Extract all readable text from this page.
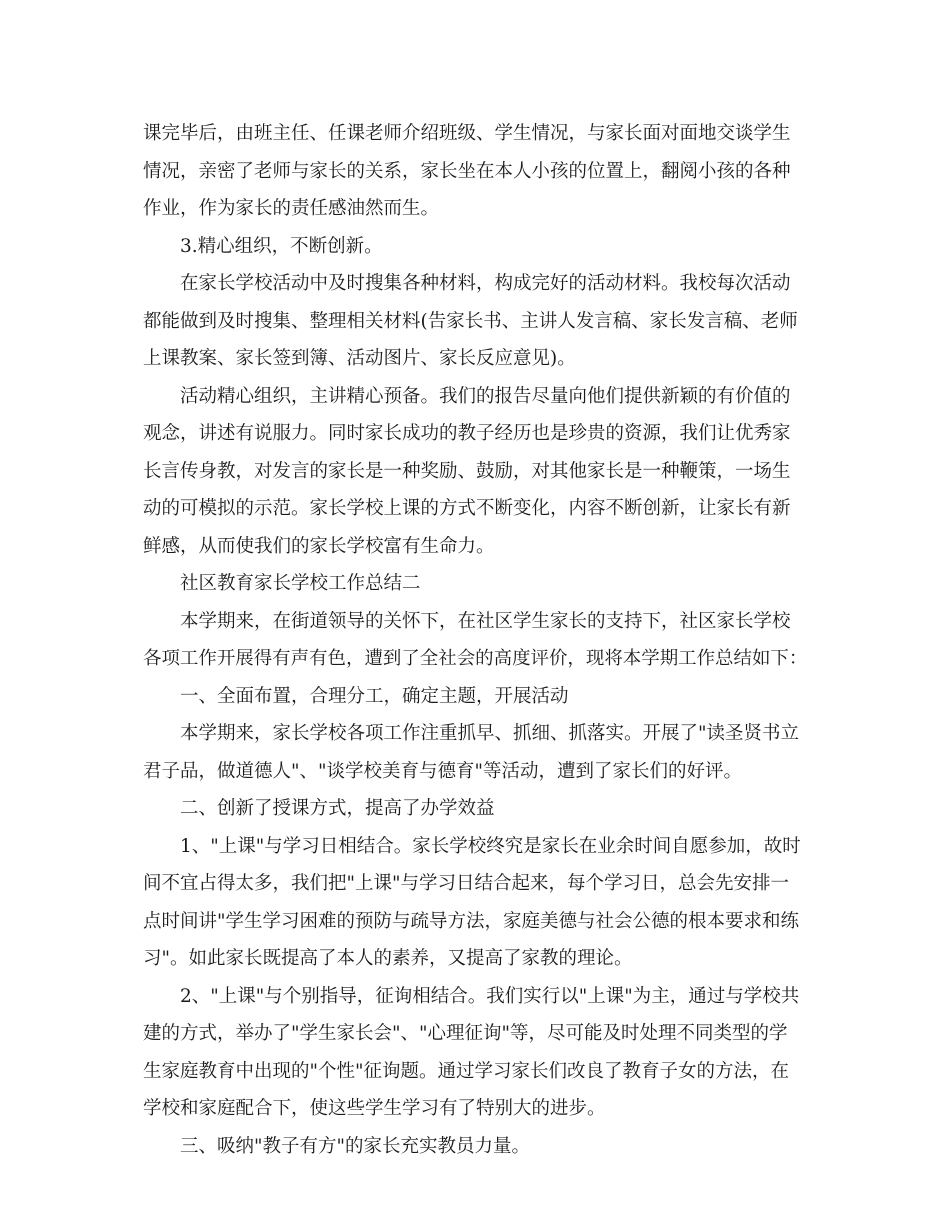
课完毕后，由班主任、任课老师介绍班级、学生情况，与家长面对面地交谈学生
情况，亲密了老师与家长的关系，家长坐在本人小孩的位置上，翻阅小孩的各种
作业，作为家长的责任感油然而生。
3.精心组织，不断创新。
在家长学校活动中及时搜集各种材料，构成完好的活动材料。我校每次活动
都能做到及时搜集、整理相关材料(告家长书、主讲人发言稿、家长发言稿、老师
上课教案、家长签到簿、活动图片、家长反应意见)。
活动精心组织，主讲精心预备。我们的报告尽量向他们提供新颖的有价值的
观念，讲述有说服力。同时家长成功的教子经历也是珍贵的资源，我们让优秀家
长言传身教，对发言的家长是一种奖励、鼓励，对其他家长是一种鞭策，一场生
动的可模拟的示范。家长学校上课的方式不断变化，内容不断创新，让家长有新
鲜感，从而使我们的家长学校富有生命力。
社区教育家长学校工作总结二
本学期来，在街道领导的关怀下，在社区学生家长的支持下，社区家长学校
各项工作开展得有声有色，遭到了全社会的高度评价，现将本学期工作总结如下：
一、全面布置，合理分工，确定主题，开展活动
本学期来，家长学校各项工作注重抓早、抓细、抓落实。开展了"读圣贤书立
君子品，做道德人"、"谈学校美育与德育"等活动，遭到了家长们的好评。
二、创新了授课方式，提高了办学效益
1、"上课"与学习日相结合。家长学校终究是家长在业余时间自愿参加，故时
间不宜占得太多，我们把"上课"与学习日结合起来，每个学习日，总会先安排一
点时间讲"学生学习困难的预防与疏导方法，家庭美德与社会公德的根本要求和练
习"。如此家长既提高了本人的素养，又提高了家教的理论。
2、"上课"与个别指导，征询相结合。我们实行以"上课"为主，通过与学校共
建的方式，举办了"学生家长会"、"心理征询"等，尽可能及时处理不同类型的学
生家庭教育中出现的"个性"征询题。通过学习家长们改良了教育子女的方法，在
学校和家庭配合下，使这些学生学习有了特别大的进步。
三、吸纳"教子有方"的家长充实教员力量。
